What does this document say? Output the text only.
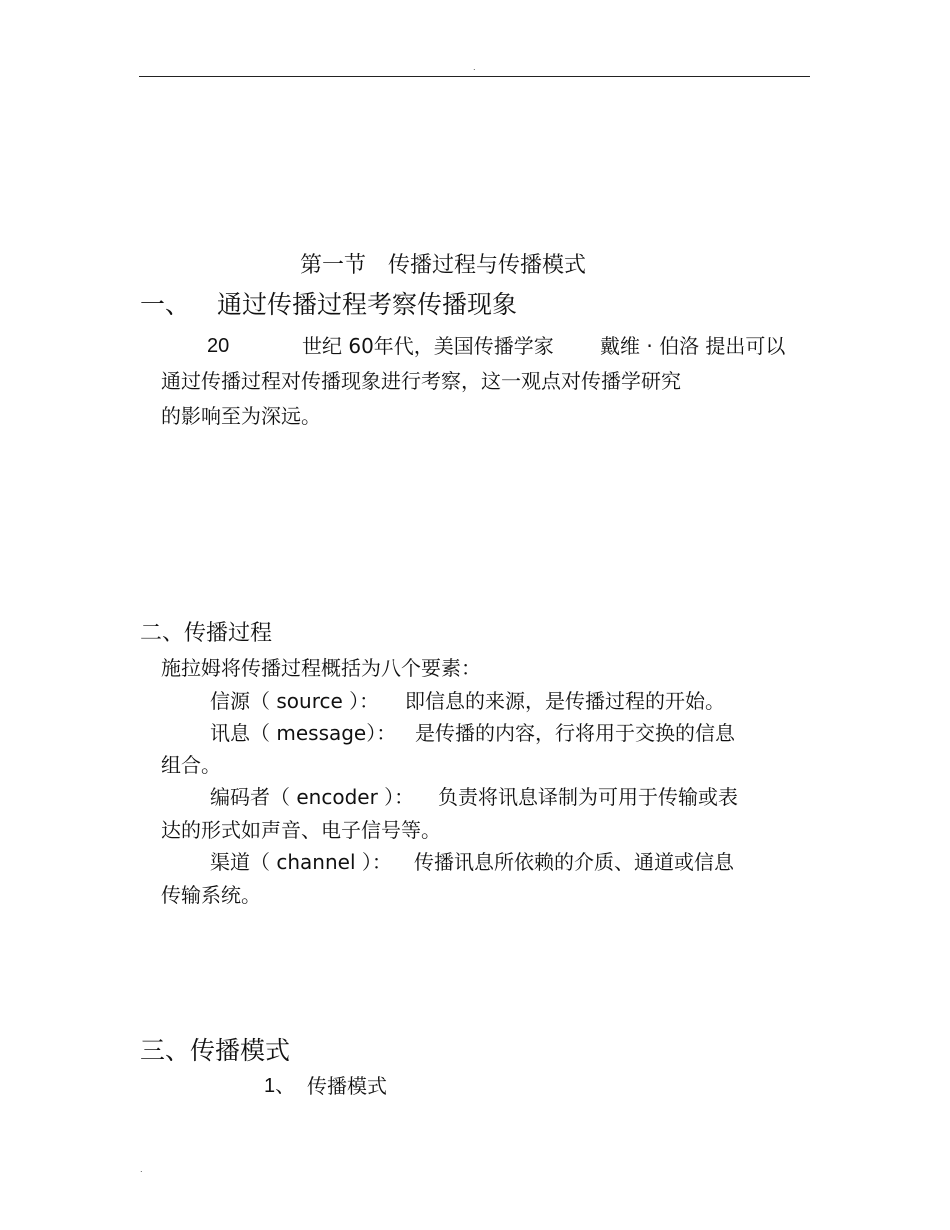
.
第一节　传播过程与传播模式
一、 通过传播过程考察传播现象
20	世纪 60年代，美国传播学家 戴维 · 伯洛 提出可以
通过传播过程对传播现象进行考察，这一观点对传播学研究
的影响至为深远。
二、传播过程
施拉姆将传播过程概括为八个要素：
信源（ source ）： 即信息的来源，是传播过程的开始。
讯息（ message）： 是传播的内容，行将用于交换的信息
组合。
编码者（ encoder ）： 负责将讯息译制为可用于传输或表
达的形式如声音、电子信号等。
渠道（ channel ）： 传播讯息所依赖的介质、通道或信息
传输系统。
三、传播模式
1、 传播模式
.
